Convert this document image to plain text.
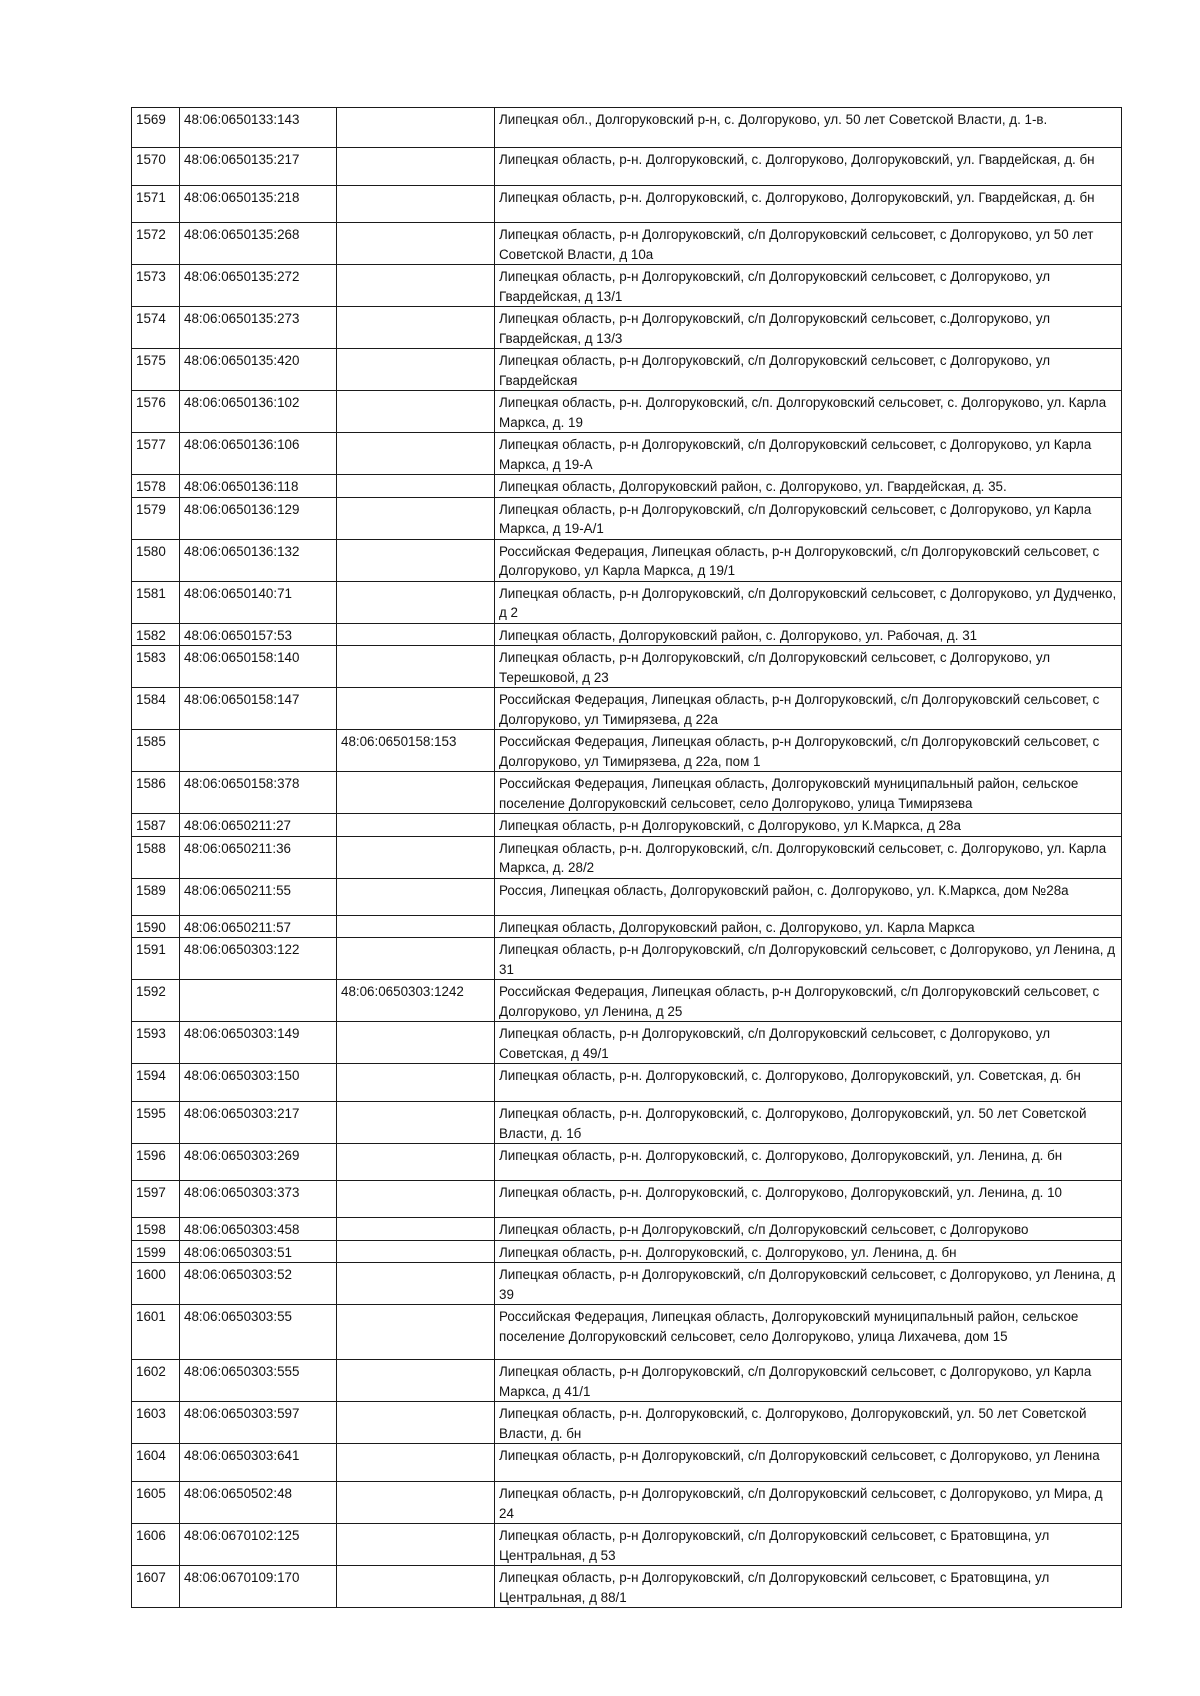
1569	48:06:0650133:143		Липецкая обл., Долгоруковский р-н, с. Долгоруково, ул. 50 лет Советской Власти, д. 1-в.
1570	48:06:0650135:217		Липецкая область, р-н. Долгоруковский, с. Долгоруково, Долгоруковский, ул. Гвардейская, д. бн
1571	48:06:0650135:218		Липецкая область, р-н. Долгоруковский, с. Долгоруково, Долгоруковский, ул. Гвардейская, д. бн
1572	48:06:0650135:268		Липецкая область, р-н Долгоруковский, с/п Долгоруковский сельсовет, с Долгоруково, ул 50 лет Советской Власти, д 10а
1573	48:06:0650135:272		Липецкая область, р-н Долгоруковский, с/п Долгоруковский сельсовет, с Долгоруково, ул Гвардейская, д 13/1
1574	48:06:0650135:273		Липецкая область, р-н Долгоруковский, с/п Долгоруковский сельсовет, с.Долгоруково, ул Гвардейская, д 13/3
1575	48:06:0650135:420		Липецкая область, р-н Долгоруковский, с/п Долгоруковский сельсовет, с Долгоруково, ул Гвардейская
1576	48:06:0650136:102		Липецкая область, р-н. Долгоруковский, с/п. Долгоруковский сельсовет, с. Долгоруково, ул. Карла Маркса, д. 19
1577	48:06:0650136:106		Липецкая область, р-н Долгоруковский, с/п Долгоруковский сельсовет, с Долгоруково, ул Карла Маркса, д 19-А
1578	48:06:0650136:118		Липецкая область, Долгоруковский район, с. Долгоруково, ул. Гвардейская, д. 35.
1579	48:06:0650136:129		Липецкая область, р-н Долгоруковский, с/п Долгоруковский сельсовет, с Долгоруково, ул Карла Маркса, д 19-А/1
1580	48:06:0650136:132		Российская Федерация, Липецкая область, р-н Долгоруковский, с/п Долгоруковский сельсовет, с Долгоруково, ул Карла Маркса, д 19/1
1581	48:06:0650140:71		Липецкая область, р-н Долгоруковский, с/п Долгоруковский сельсовет, с Долгоруково, ул Дудченко, д 2
1582	48:06:0650157:53		Липецкая область, Долгоруковский район, с. Долгоруково, ул. Рабочая, д. 31
1583	48:06:0650158:140		Липецкая область, р-н Долгоруковский, с/п Долгоруковский сельсовет, с Долгоруково, ул Терешковой, д 23
1584	48:06:0650158:147		Российская Федерация, Липецкая область, р-н Долгоруковский, с/п Долгоруковский сельсовет, с Долгоруково, ул Тимирязева, д 22а
1585		48:06:0650158:153	Российская Федерация, Липецкая область, р-н Долгоруковский, с/п Долгоруковский сельсовет, с Долгоруково, ул Тимирязева, д 22а, пом 1
1586	48:06:0650158:378		Российская Федерация, Липецкая область, Долгоруковский муниципальный район, сельское поселение Долгоруковский сельсовет, село Долгоруково, улица Тимирязева
1587	48:06:0650211:27		Липецкая область, р-н Долгоруковский, с Долгоруково, ул К.Маркса, д 28а
1588	48:06:0650211:36		Липецкая область, р-н. Долгоруковский, с/п. Долгоруковский сельсовет, с. Долгоруково, ул. Карла Маркса, д. 28/2
1589	48:06:0650211:55		Россия, Липецкая область, Долгоруковский район, с. Долгоруково, ул. К.Маркса, дом №28а
1590	48:06:0650211:57		Липецкая область, Долгоруковский район, с. Долгоруково, ул. Карла Маркса
1591	48:06:0650303:122		Липецкая область, р-н Долгоруковский, с/п Долгоруковский сельсовет, с Долгоруково, ул Ленина, д 31
1592		48:06:0650303:1242	Российская Федерация, Липецкая область, р-н Долгоруковский, с/п Долгоруковский сельсовет, с Долгоруково, ул Ленина, д 25
1593	48:06:0650303:149		Липецкая область, р-н Долгоруковский, с/п Долгоруковский сельсовет, с Долгоруково, ул Советская, д 49/1
1594	48:06:0650303:150		Липецкая область, р-н. Долгоруковский, с. Долгоруково, Долгоруковский, ул. Советская, д. бн
1595	48:06:0650303:217		Липецкая область, р-н. Долгоруковский, с. Долгоруково, Долгоруковский, ул. 50 лет Советской Власти, д. 1б
1596	48:06:0650303:269		Липецкая область, р-н. Долгоруковский, с. Долгоруково, Долгоруковский, ул. Ленина, д. бн
1597	48:06:0650303:373		Липецкая область, р-н. Долгоруковский, с. Долгоруково, Долгоруковский, ул. Ленина, д. 10
1598	48:06:0650303:458		Липецкая область, р-н Долгоруковский, с/п Долгоруковский сельсовет, с Долгоруково
1599	48:06:0650303:51		Липецкая область, р-н. Долгоруковский, с. Долгоруково, ул. Ленина, д. бн
1600	48:06:0650303:52		Липецкая область, р-н Долгоруковский, с/п Долгоруковский сельсовет, с Долгоруково, ул Ленина, д 39
1601	48:06:0650303:55		Российская Федерация, Липецкая область, Долгоруковский муниципальный район, сельское поселение Долгоруковский сельсовет, село Долгоруково, улица Лихачева, дом 15
1602	48:06:0650303:555		Липецкая область, р-н Долгоруковский, с/п Долгоруковский сельсовет, с Долгоруково, ул Карла Маркса, д 41/1
1603	48:06:0650303:597		Липецкая область, р-н. Долгоруковский, с. Долгоруково, Долгоруковский, ул. 50 лет Советской Власти, д. бн
1604	48:06:0650303:641		Липецкая область, р-н Долгоруковский, с/п Долгоруковский сельсовет, с Долгоруково, ул Ленина
1605	48:06:0650502:48		Липецкая область, р-н Долгоруковский, с/п Долгоруковский сельсовет, с Долгоруково, ул Мира, д 24
1606	48:06:0670102:125		Липецкая область, р-н Долгоруковский, с/п Долгоруковский сельсовет, с Братовщина, ул Центральная, д 53
1607	48:06:0670109:170		Липецкая область, р-н Долгоруковский, с/п Долгоруковский сельсовет, с Братовщина, ул Центральная, д 88/1
